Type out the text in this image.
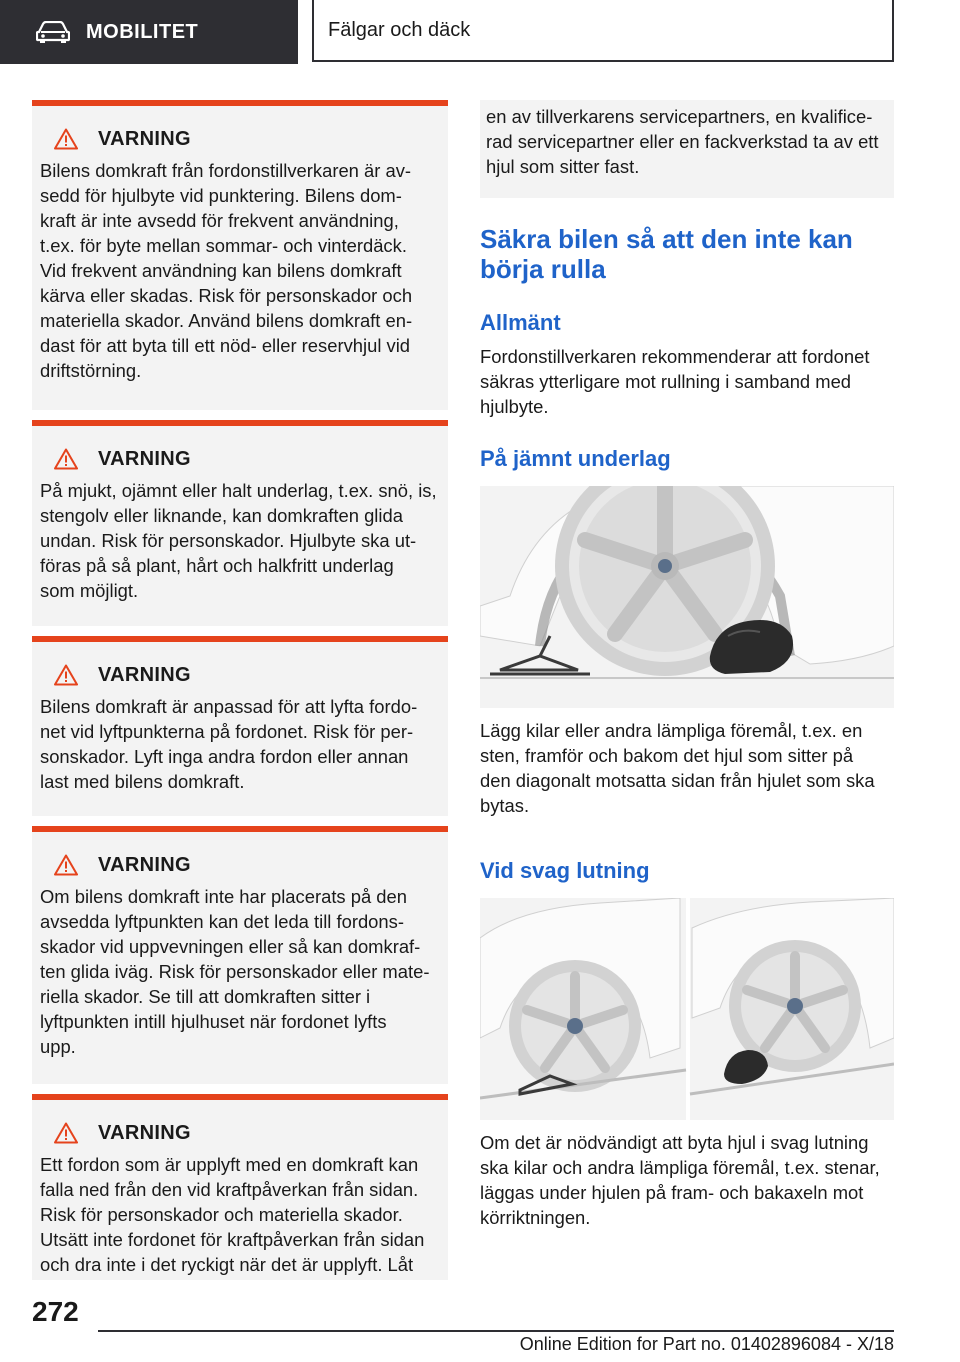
MOBILITET	Fälgar och däck
VARNING
Bilens domkraft från fordonstillverkaren är av-
sedd för hjulbyte vid punktering. Bilens dom-
kraft är inte avsedd för frekvent användning,
t.ex. för byte mellan sommar- och vinterdäck.
Vid frekvent användning kan bilens domkraft
kärva eller skadas. Risk för personskador och
materiella skador. Använd bilens domkraft en-
dast för att byta till ett nöd- eller reservhjul vid
driftstörning.
VARNING
På mjukt, ojämnt eller halt underlag, t.ex. snö, is,
stengolv eller liknande, kan domkraften glida
undan. Risk för personskador. Hjulbyte ska ut-
föras på så plant, hårt och halkfritt underlag
som möjligt.
VARNING
Bilens domkraft är anpassad för att lyfta fordo-
net vid lyftpunkterna på fordonet. Risk för per-
sonskador. Lyft inga andra fordon eller annan
last med bilens domkraft.
VARNING
Om bilens domkraft inte har placerats på den
avsedda lyftpunkten kan det leda till fordons-
skador vid uppvevningen eller så kan domkraf-
ten glida iväg. Risk för personskador eller mate-
riella skador. Se till att domkraften sitter i
lyftpunkten intill hjulhuset när fordonet lyfts
upp.
VARNING
Ett fordon som är upplyft med en domkraft kan
falla ned från den vid kraftpåverkan från sidan.
Risk för personskador och materiella skador.
Utsätt inte fordonet för kraftpåverkan från sidan
och dra inte i det ryckigt när det är upplyft. Låt
en av tillverkarens servicepartners, en kvalifice-
rad servicepartner eller en fackverkstad ta av ett
hjul som sitter fast.
Säkra bilen så att den inte kan
börja rulla
Allmänt
Fordonstillverkaren rekommenderar att fordonet
säkras ytterligare mot rullning i samband med
hjulbyte.
På jämnt underlag
Lägg kilar eller andra lämpliga föremål, t.ex. en
sten, framför och bakom det hjul som sitter på
den diagonalt motsatta sidan från hjulet som ska
bytas.
Vid svag lutning
Om det är nödvändigt att byta hjul i svag lutning
ska kilar och andra lämpliga föremål, t.ex. stenar,
läggas under hjulen på fram- och bakaxeln mot
körriktningen.
272
Online Edition for Part no. 01402896084 - X/18
